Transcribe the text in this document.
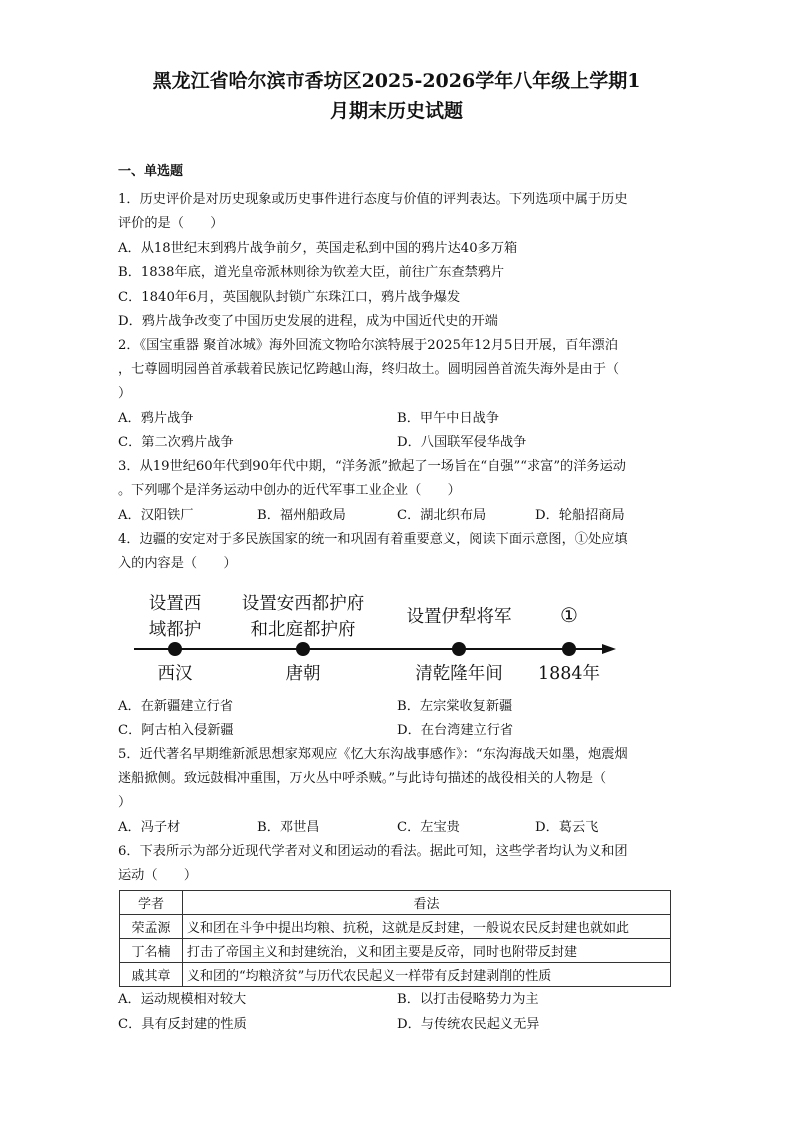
黑龙江省哈尔滨市香坊区2025-2026学年八年级上学期1
月期末历史试题
一、单选题
1．历史评价是对历史现象或历史事件进行态度与价值的评判表达。下列选项中属于历史
评价的是（　　）
A．从18世纪末到鸦片战争前夕，英国走私到中国的鸦片达40多万箱
B．1838年底，道光皇帝派林则徐为钦差大臣，前往广东查禁鸦片
C．1840年6月，英国舰队封锁广东珠江口，鸦片战争爆发
D．鸦片战争改变了中国历史发展的进程，成为中国近代史的开端
2．《国宝重器 聚首冰城》海外回流文物哈尔滨特展于2025年12月5日开展，百年漂泊
，七尊圆明园兽首承载着民族记忆跨越山海，终归故土。圆明园兽首流失海外是由于（
）
A．鸦片战争	B．甲午中日战争
C．第二次鸦片战争	D．八国联军侵华战争
3．从19世纪60年代到90年代中期，“洋务派”掀起了一场旨在“自强”“求富”的洋务运动
。下列哪个是洋务运动中创办的近代军事工业企业（　　）
A．汉阳铁厂	B．福州船政局	C．湖北织布局	D．轮船招商局
4．边疆的安定对于多民族国家的统一和巩固有着重要意义，阅读下面示意图，①处应填
入的内容是（　　）
设置西
域都护
设置安西都护府
和北庭都护府
设置伊犁将军	①
西汉	唐朝	清乾隆年间	1884年
A．在新疆建立行省	B．左宗棠收复新疆
C．阿古柏入侵新疆	D．在台湾建立行省
5．近代著名早期维新派思想家郑观应《忆大东沟战事感作》：“东沟海战天如墨，炮震烟
迷船掀侧。致远鼓楫冲重围，万火丛中呼杀贼。”与此诗句描述的战役相关的人物是（
）
A．冯子材	B．邓世昌	C．左宝贵	D．葛云飞
6．下表所示为部分近现代学者对义和团运动的看法。据此可知，这些学者均认为义和团
运动（　　）
学者	看法
荣孟源	义和团在斗争中提出均粮、抗税，这就是反封建，一般说农民反封建也就如此
丁名楠	打击了帝国主义和封建统治，义和团主要是反帝，同时也附带反封建
戚其章	义和团的“均粮济贫”与历代农民起义一样带有反封建剥削的性质
A．运动规模相对较大	B．以打击侵略势力为主
C．具有反封建的性质	D．与传统农民起义无异
